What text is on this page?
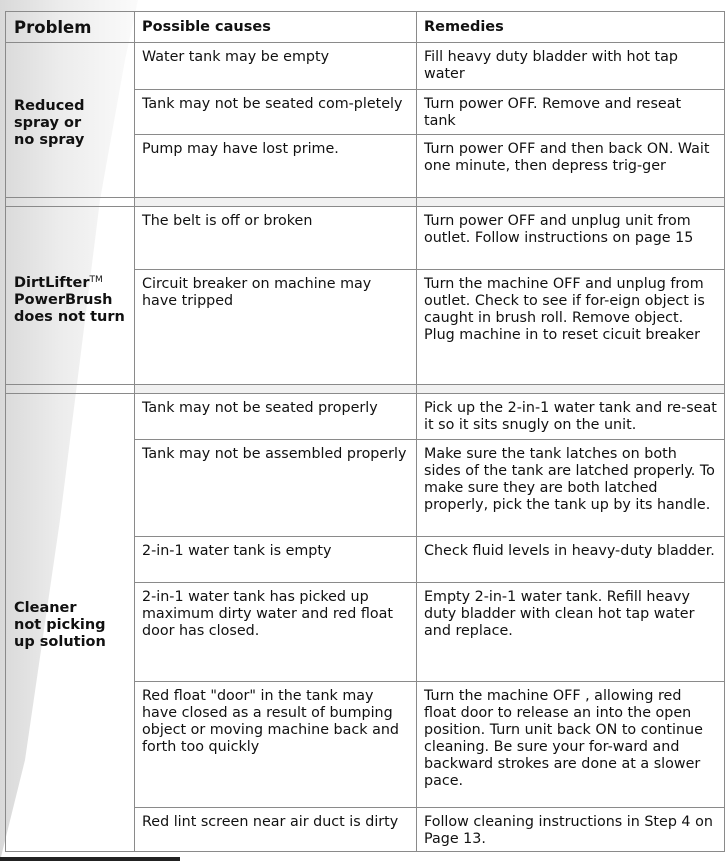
Problem	Possible causes	Remedies
Reduced
spray or
no spray	Water tank may be empty	Fill heavy duty bladder with hot tap water
	Tank may not be seated com-pletely	Turn power OFF. Remove and reseat tank
	Pump may have lost prime.	Turn power OFF and then back ON. Wait one minute, then depress trig-ger

DirtLifter™
PowerBrush
does not turn	The belt is off or broken	Turn power OFF and unplug unit from outlet. Follow instructions on page 15
	Circuit breaker on machine may have tripped	Turn the machine OFF and unplug from outlet. Check to see if for-eign object is caught in brush roll. Remove object. Plug machine in to reset cicuit breaker

Cleaner
not picking
up solution	Tank may not be seated properly	Pick up the 2-in-1 water tank and re-seat it so it sits snugly on the unit.
	Tank may not be assembled properly	Make sure the tank latches on both sides of the tank are latched properly. To make sure they are both latched properly, pick the tank up by its handle.
	2-in-1 water tank is empty	Check fluid levels in heavy-duty bladder.
	2-in-1 water tank has picked up maximum dirty water and red float door has closed.	Empty 2-in-1 water tank. Refill heavy duty bladder with clean hot tap water and replace.
	Red float "door" in the tank may have closed as a result of bumping object or moving machine back and forth too quickly	Turn the machine OFF , allowing red float door to release an into the open position. Turn unit back ON to continue cleaning. Be sure your for-ward and backward strokes are done at a slower pace.
	Red lint screen near air duct is dirty	Follow cleaning instructions in Step 4 on Page 13.
